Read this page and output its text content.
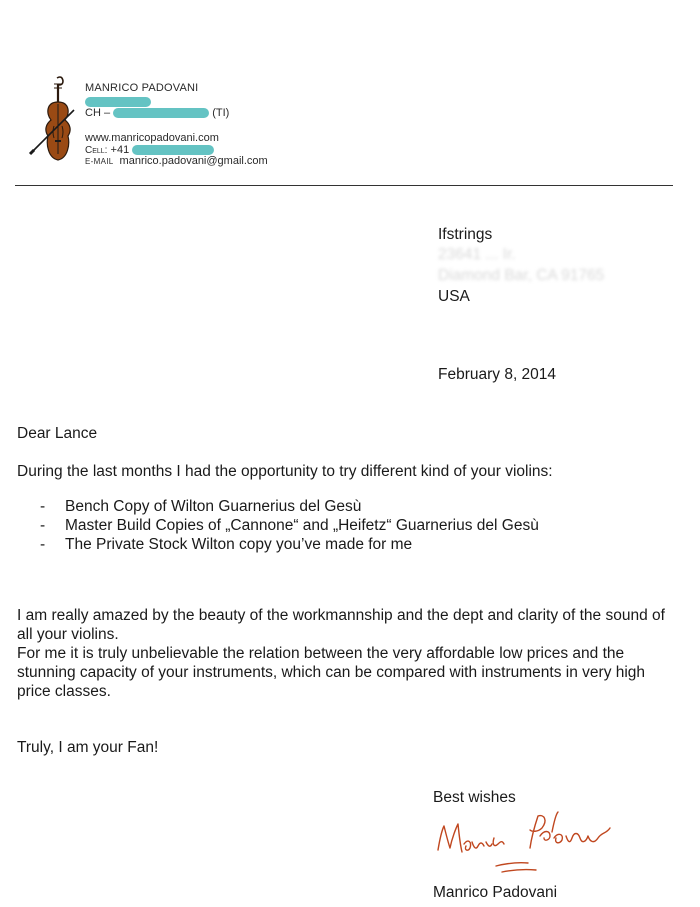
MANRICO PADOVANI
CH –	(TI)
www.manricopadovani.com
Cell: +41
E-MAIL manrico.padovani@gmail.com
Ifstrings
23641 ... Ir.
Diamond Bar, CA 91765
USA
February 8, 2014
Dear Lance
During the last months I had the opportunity to try different kind of your violins:
- Bench Copy of Wilton Guarnerius del Gesù
- Master Build Copies of „Cannone“ and „Heifetz“ Guarnerius del Gesù
- The Private Stock Wilton copy you’ve made for me
I am really amazed by the beauty of the workmannship and the dept and clarity of the sound of all your violins.
For me it is truly unbelievable the relation between the very affordable low prices and the stunning capacity of your instruments, which can be compared with instruments in very high price classes.
Truly, I am your Fan!
Best wishes
Manrico Padovani
